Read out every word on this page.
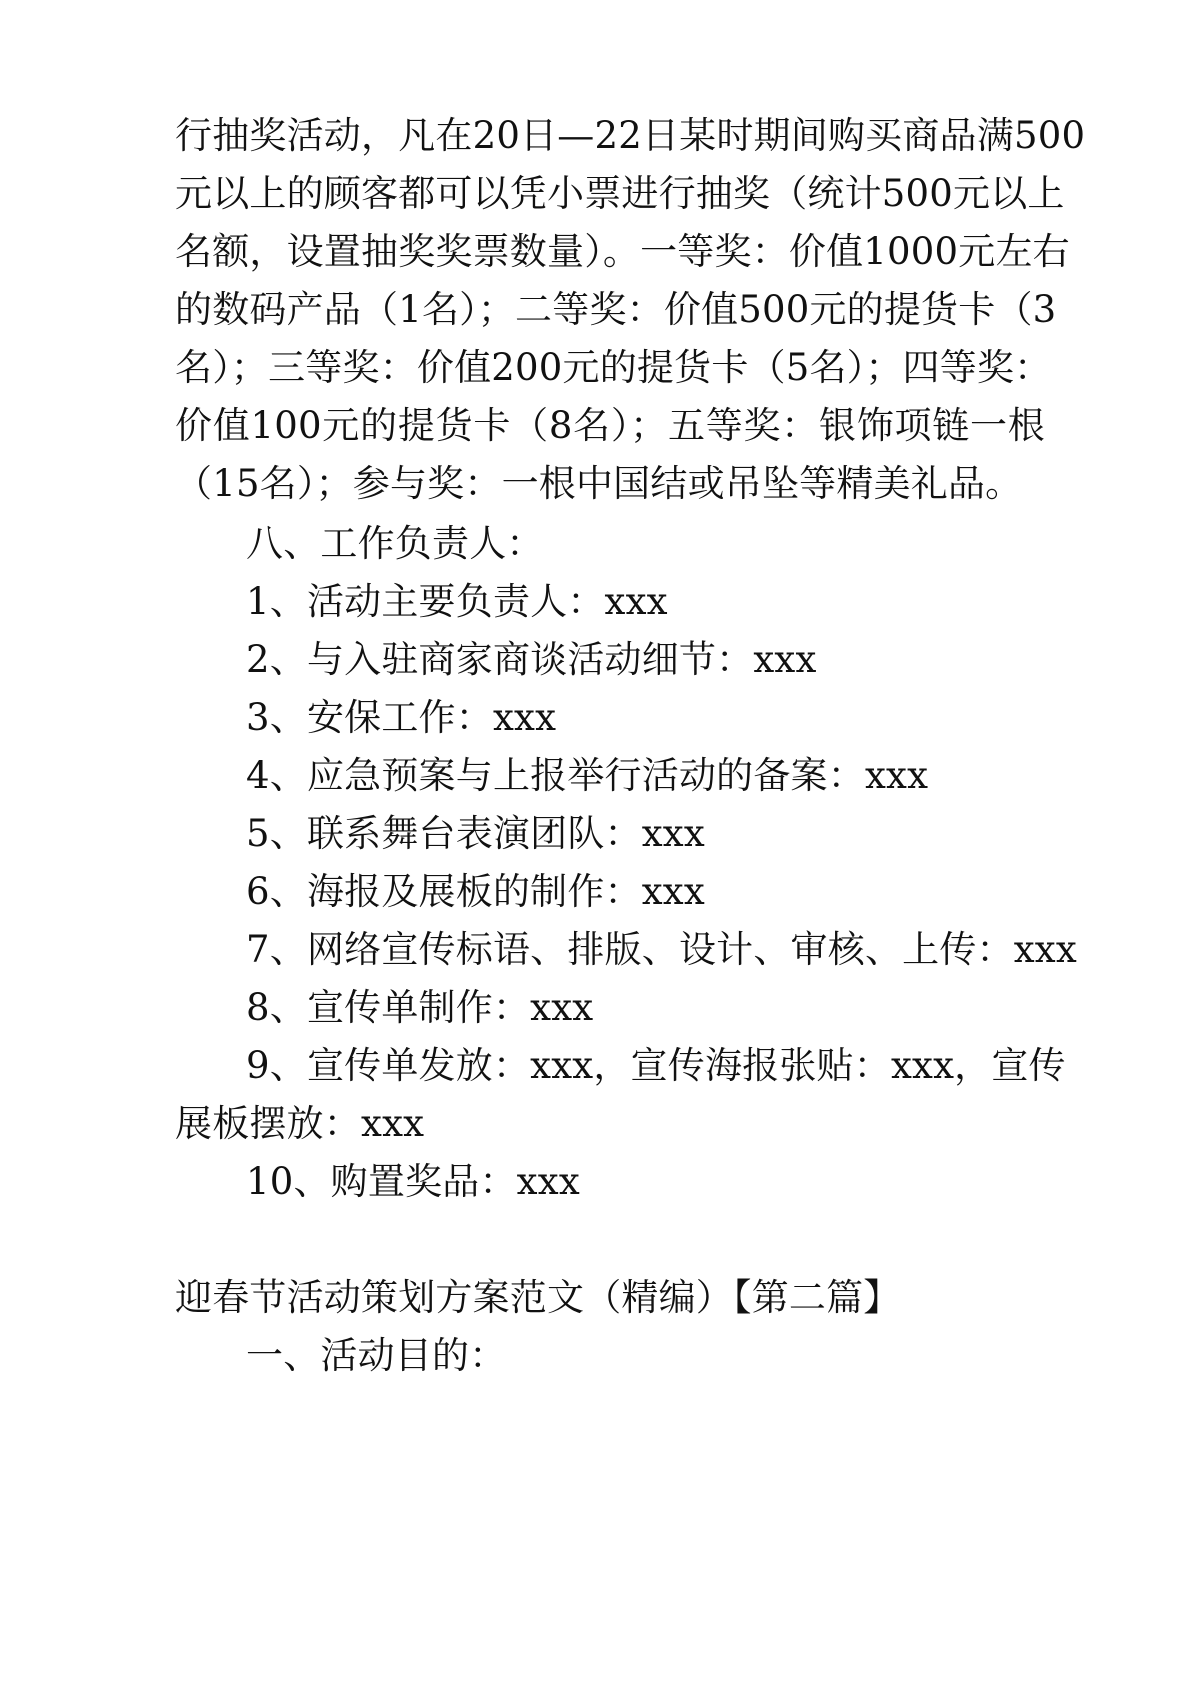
行抽奖活动，凡在20日—22日某时期间购买商品满500
元以上的顾客都可以凭小票进行抽奖（统计500元以上
名额，设置抽奖奖票数量）。一等奖：价值1000元左右
的数码产品（1名）；二等奖：价值500元的提货卡（3
名）；三等奖：价值200元的提货卡（5名）；四等奖：
价值100元的提货卡（8名）；五等奖：银饰项链一根
（15名）；参与奖：一根中国结或吊坠等精美礼品。
八、工作负责人：
1、活动主要负责人：xxx
2、与入驻商家商谈活动细节：xxx
3、安保工作：xxx
4、应急预案与上报举行活动的备案：xxx
5、联系舞台表演团队：xxx
6、海报及展板的制作：xxx
7、网络宣传标语、排版、设计、审核、上传：xxx
8、宣传单制作：xxx
9、宣传单发放：xxx，宣传海报张贴：xxx，宣传
展板摆放：xxx
10、购置奖品：xxx
迎春节活动策划方案范文（精编）【第二篇】
一、活动目的：
